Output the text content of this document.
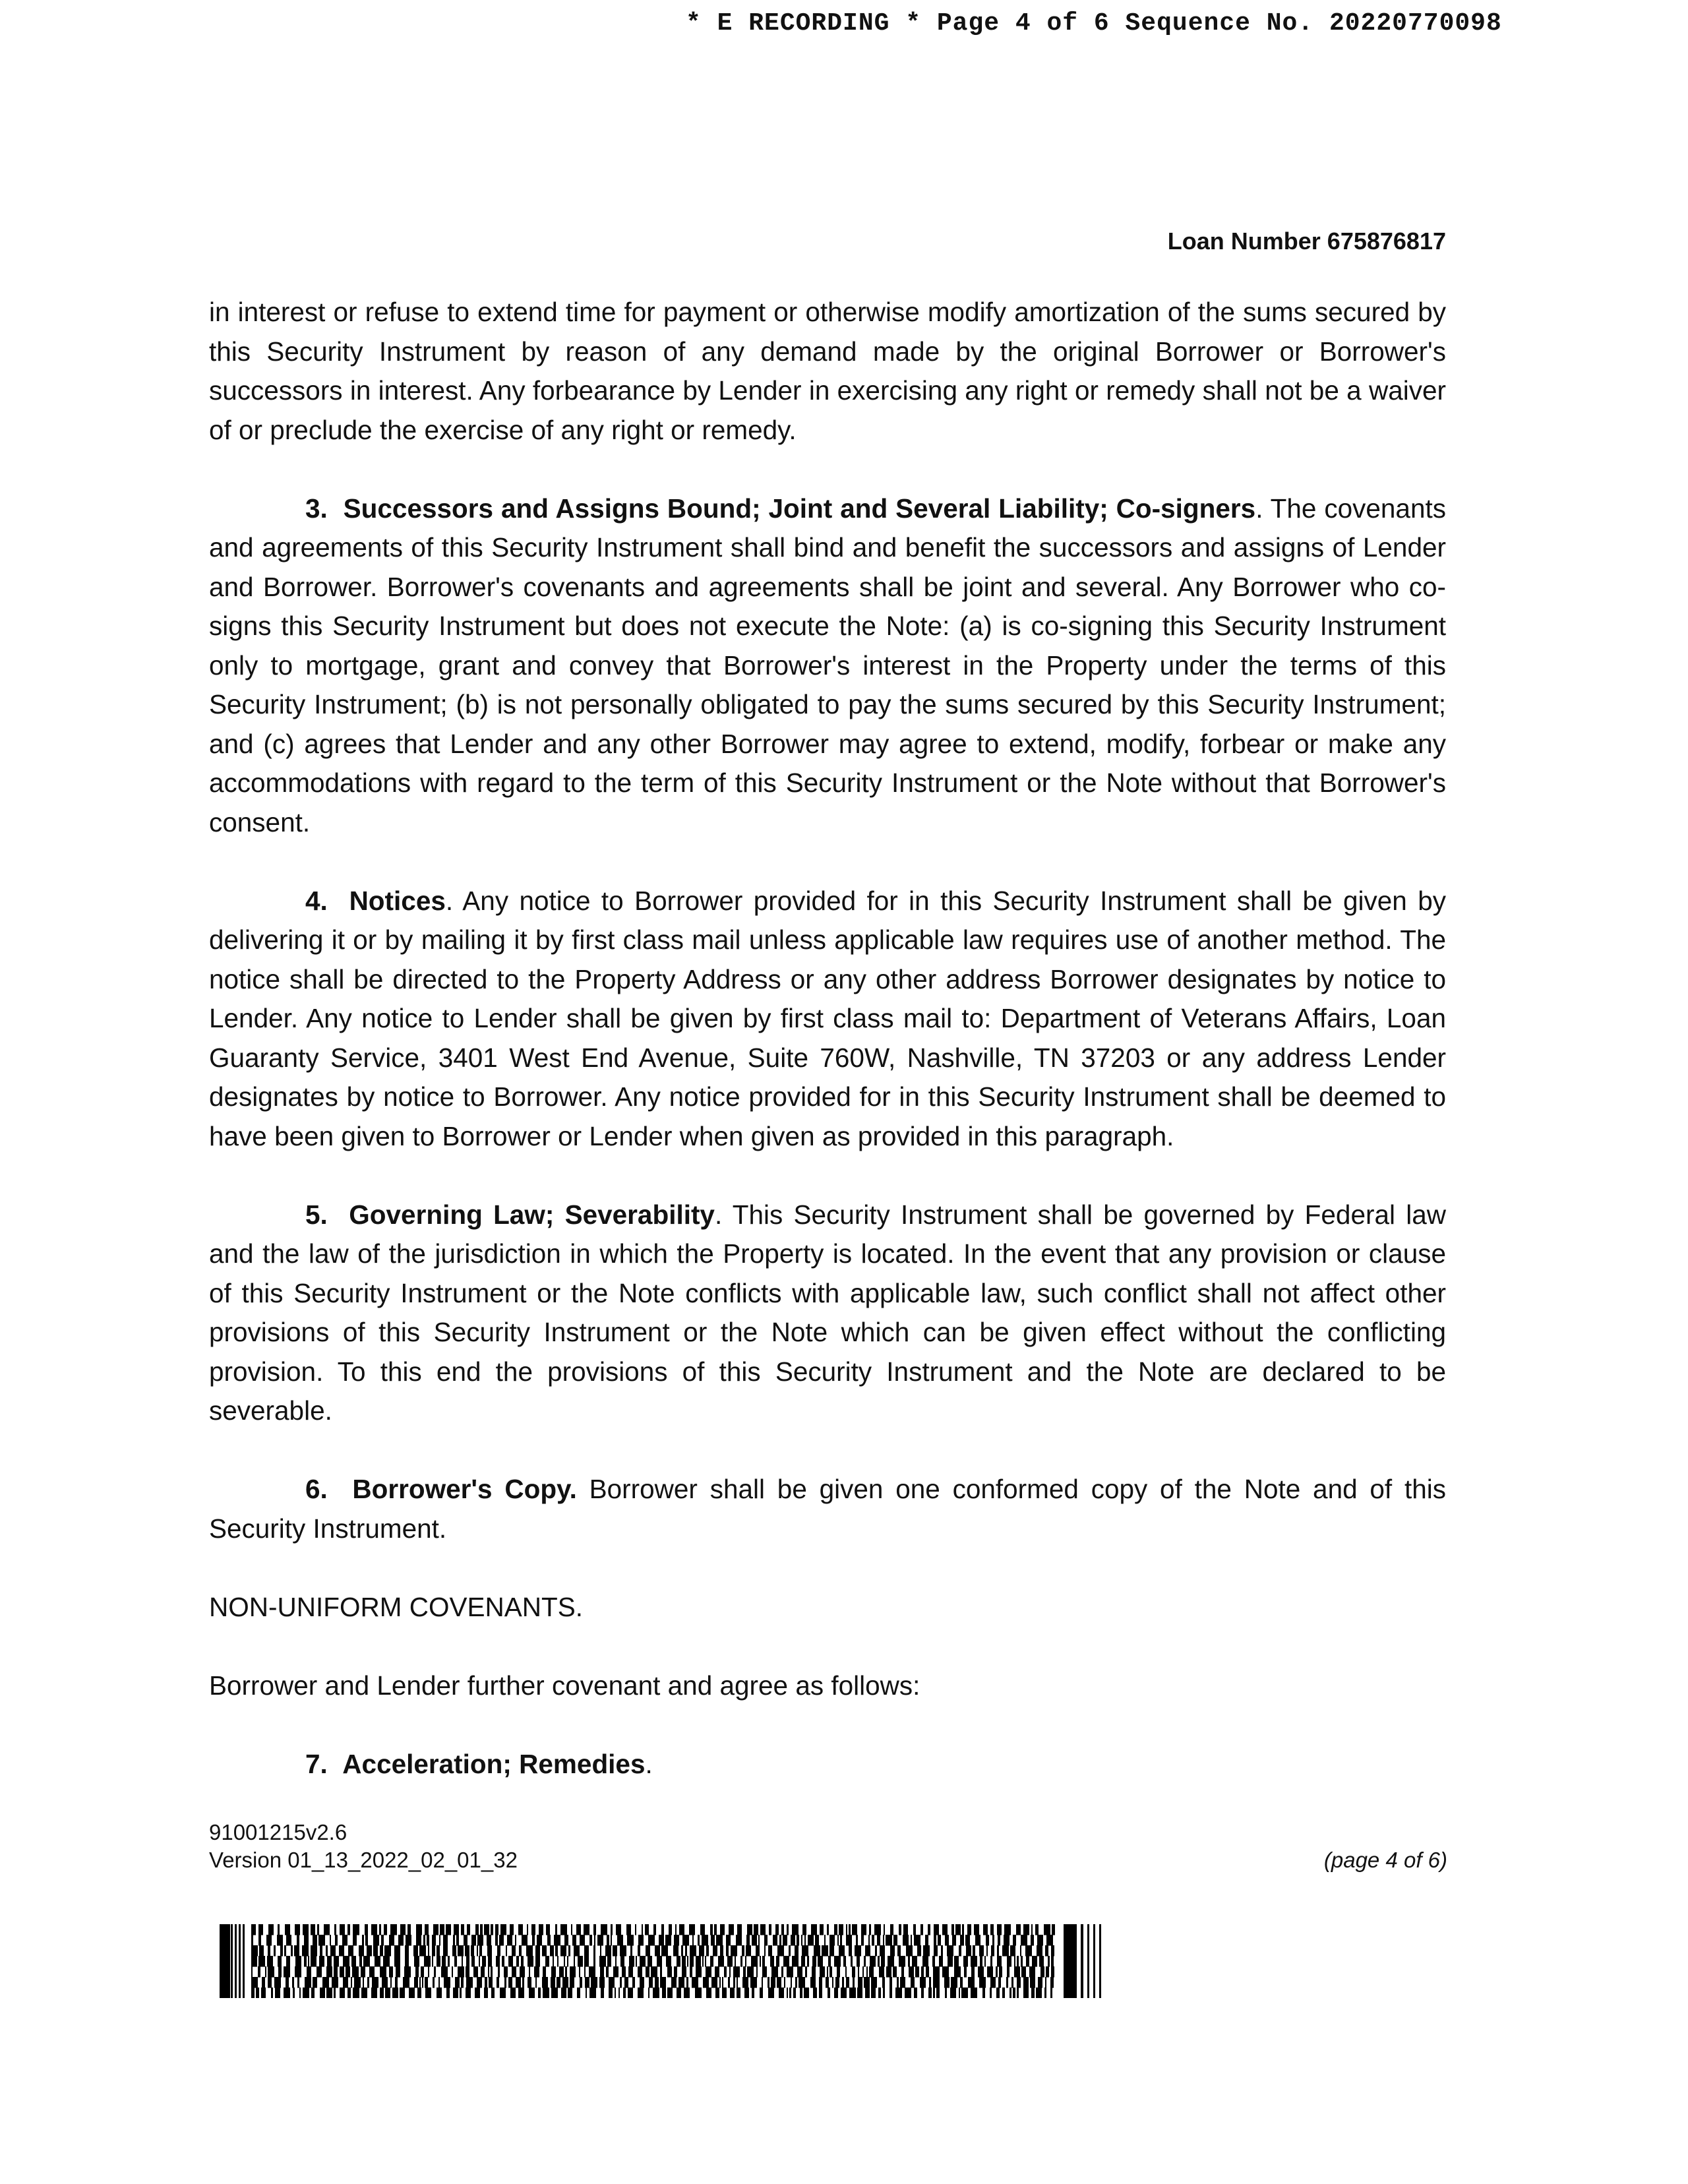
* E RECORDING * Page 4 of 6 Sequence No. 20220770098
Loan Number 675876817

in interest or refuse to extend time for payment or otherwise modify amortization of the sums secured by this Security Instrument by reason of any demand made by the original Borrower or Borrower's successors in interest. Any forbearance by Lender in exercising any right or remedy shall not be a waiver of or preclude the exercise of any right or remedy.

3. Successors and Assigns Bound; Joint and Several Liability; Co-signers. The covenants and agreements of this Security Instrument shall bind and benefit the successors and assigns of Lender and Borrower. Borrower's covenants and agreements shall be joint and several. Any Borrower who co-signs this Security Instrument but does not execute the Note: (a) is co-signing this Security Instrument only to mortgage, grant and convey that Borrower's interest in the Property under the terms of this Security Instrument; (b) is not personally obligated to pay the sums secured by this Security Instrument; and (c) agrees that Lender and any other Borrower may agree to extend, modify, forbear or make any accommodations with regard to the term of this Security Instrument or the Note without that Borrower's consent.

4. Notices. Any notice to Borrower provided for in this Security Instrument shall be given by delivering it or by mailing it by first class mail unless applicable law requires use of another method. The notice shall be directed to the Property Address or any other address Borrower designates by notice to Lender. Any notice to Lender shall be given by first class mail to: Department of Veterans Affairs, Loan Guaranty Service, 3401 West End Avenue, Suite 760W, Nashville, TN 37203 or any address Lender designates by notice to Borrower. Any notice provided for in this Security Instrument shall be deemed to have been given to Borrower or Lender when given as provided in this paragraph.

5. Governing Law; Severability. This Security Instrument shall be governed by Federal law and the law of the jurisdiction in which the Property is located. In the event that any provision or clause of this Security Instrument or the Note conflicts with applicable law, such conflict shall not affect other provisions of this Security Instrument or the Note which can be given effect without the conflicting provision. To this end the provisions of this Security Instrument and the Note are declared to be severable.

6. Borrower's Copy. Borrower shall be given one conformed copy of the Note and of this Security Instrument.

NON-UNIFORM COVENANTS.

Borrower and Lender further covenant and agree as follows:

7. Acceleration; Remedies.

91001215v2.6
Version 01_13_2022_02_01_32	(page 4 of 6)
